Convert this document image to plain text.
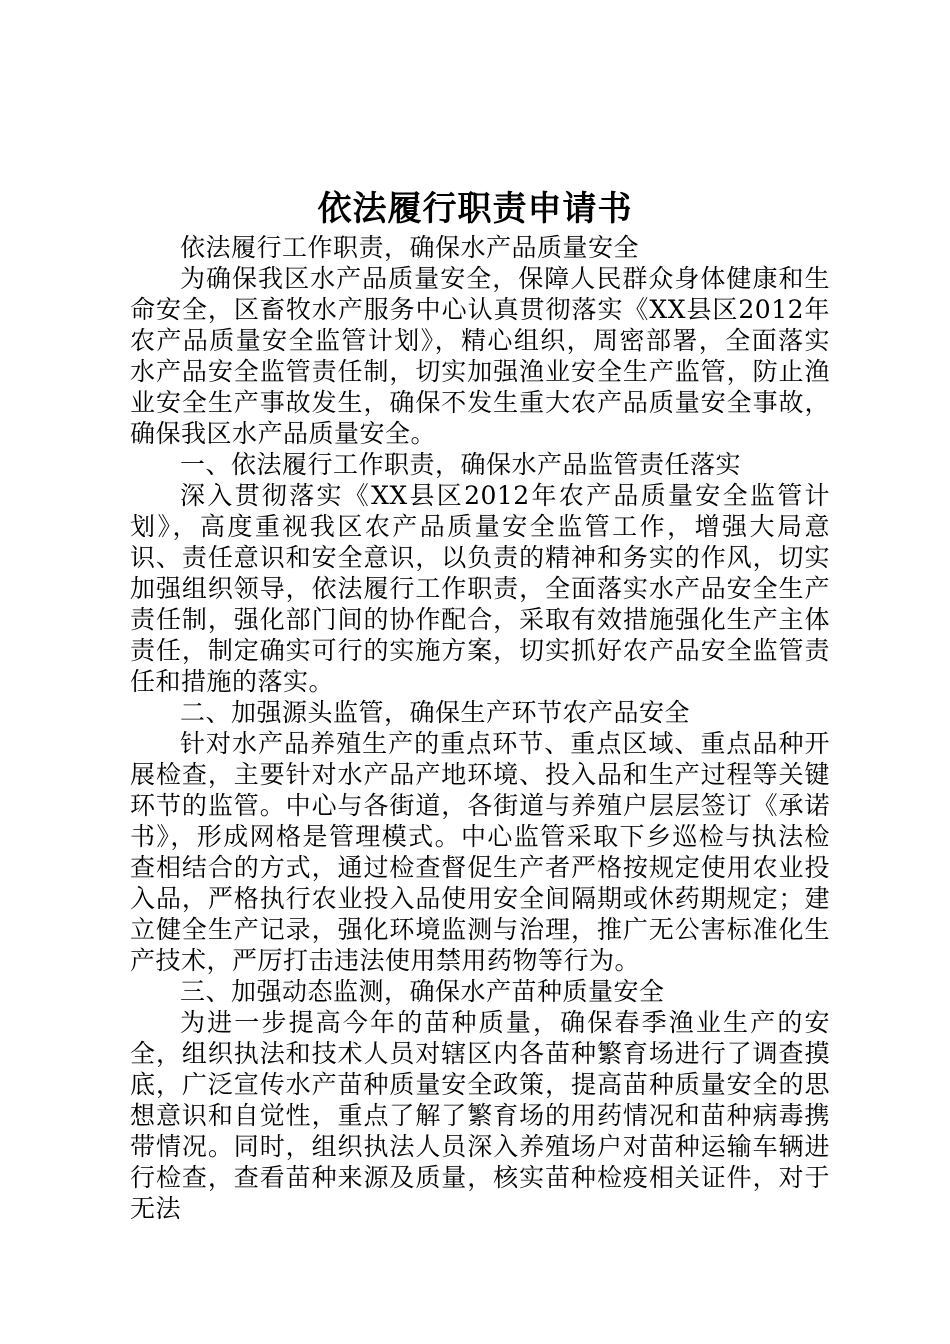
依法履行职责申请书

依法履行工作职责，确保水产品质量安全

为确保我区水产品质量安全，保障人民群众身体健康和生命安全，区畜牧水产服务中心认真贯彻落实《XX县区2012年农产品质量安全监管计划》，精心组织，周密部署，全面落实水产品安全监管责任制，切实加强渔业安全生产监管，防止渔业安全生产事故发生，确保不发生重大农产品质量安全事故，确保我区水产品质量安全。

一、依法履行工作职责，确保水产品监管责任落实

深入贯彻落实《XX县区2012年农产品质量安全监管计划》，高度重视我区农产品质量安全监管工作，增强大局意识、责任意识和安全意识，以负责的精神和务实的作风，切实加强组织领导，依法履行工作职责，全面落实水产品安全生产责任制，强化部门间的协作配合，采取有效措施强化生产主体责任，制定确实可行的实施方案，切实抓好农产品安全监管责任和措施的落实。

二、加强源头监管，确保生产环节农产品安全

针对水产品养殖生产的重点环节、重点区域、重点品种开展检查，主要针对水产品产地环境、投入品和生产过程等关键环节的监管。中心与各街道，各街道与养殖户层层签订《承诺书》，形成网格是管理模式。中心监管采取下乡巡检与执法检查相结合的方式，通过检查督促生产者严格按规定使用农业投入品，严格执行农业投入品使用安全间隔期或休药期规定；建立健全生产记录，强化环境监测与治理，推广无公害标准化生产技术，严厉打击违法使用禁用药物等行为。

三、加强动态监测，确保水产苗种质量安全

为进一步提高今年的苗种质量，确保春季渔业生产的安全，组织执法和技术人员对辖区内各苗种繁育场进行了调查摸底，广泛宣传水产苗种质量安全政策，提高苗种质量安全的思想意识和自觉性，重点了解了繁育场的用药情况和苗种病毒携带情况。同时，组织执法人员深入养殖场户对苗种运输车辆进行检查，查看苗种来源及质量，核实苗种检疫相关证件，对于无法
